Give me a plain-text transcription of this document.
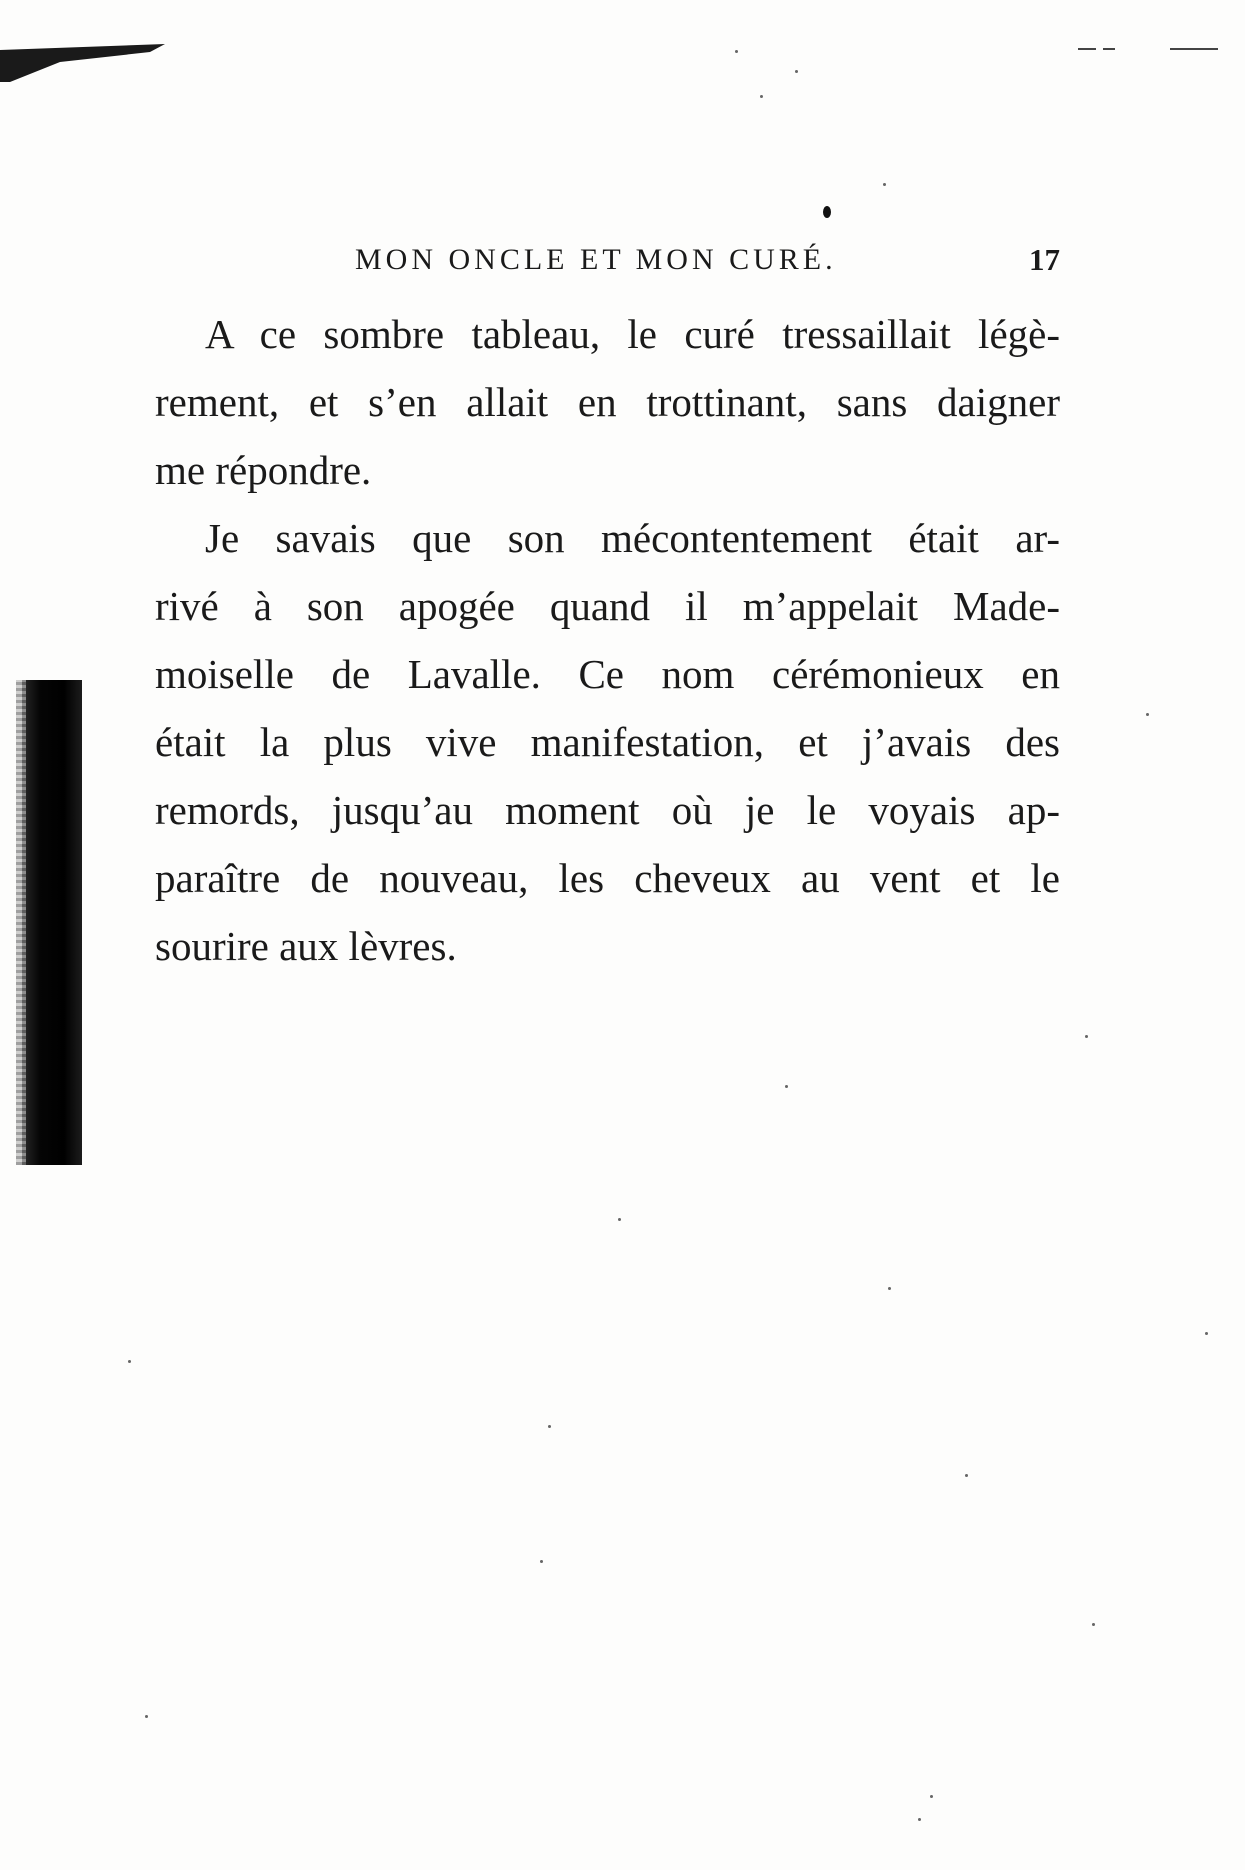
MON ONCLE ET MON CURÉ.	17
A ce sombre tableau, le curé tressaillait légè-
rement, et s’en allait en trottinant, sans daigner
me répondre.
Je savais que son mécontentement était ar-
rivé à son apogée quand il m’appelait Made-
moiselle de Lavalle. Ce nom cérémonieux en
était la plus vive manifestation, et j’avais des
remords, jusqu’au moment où je le voyais ap-
paraître de nouveau, les cheveux au vent et le
sourire aux lèvres.
